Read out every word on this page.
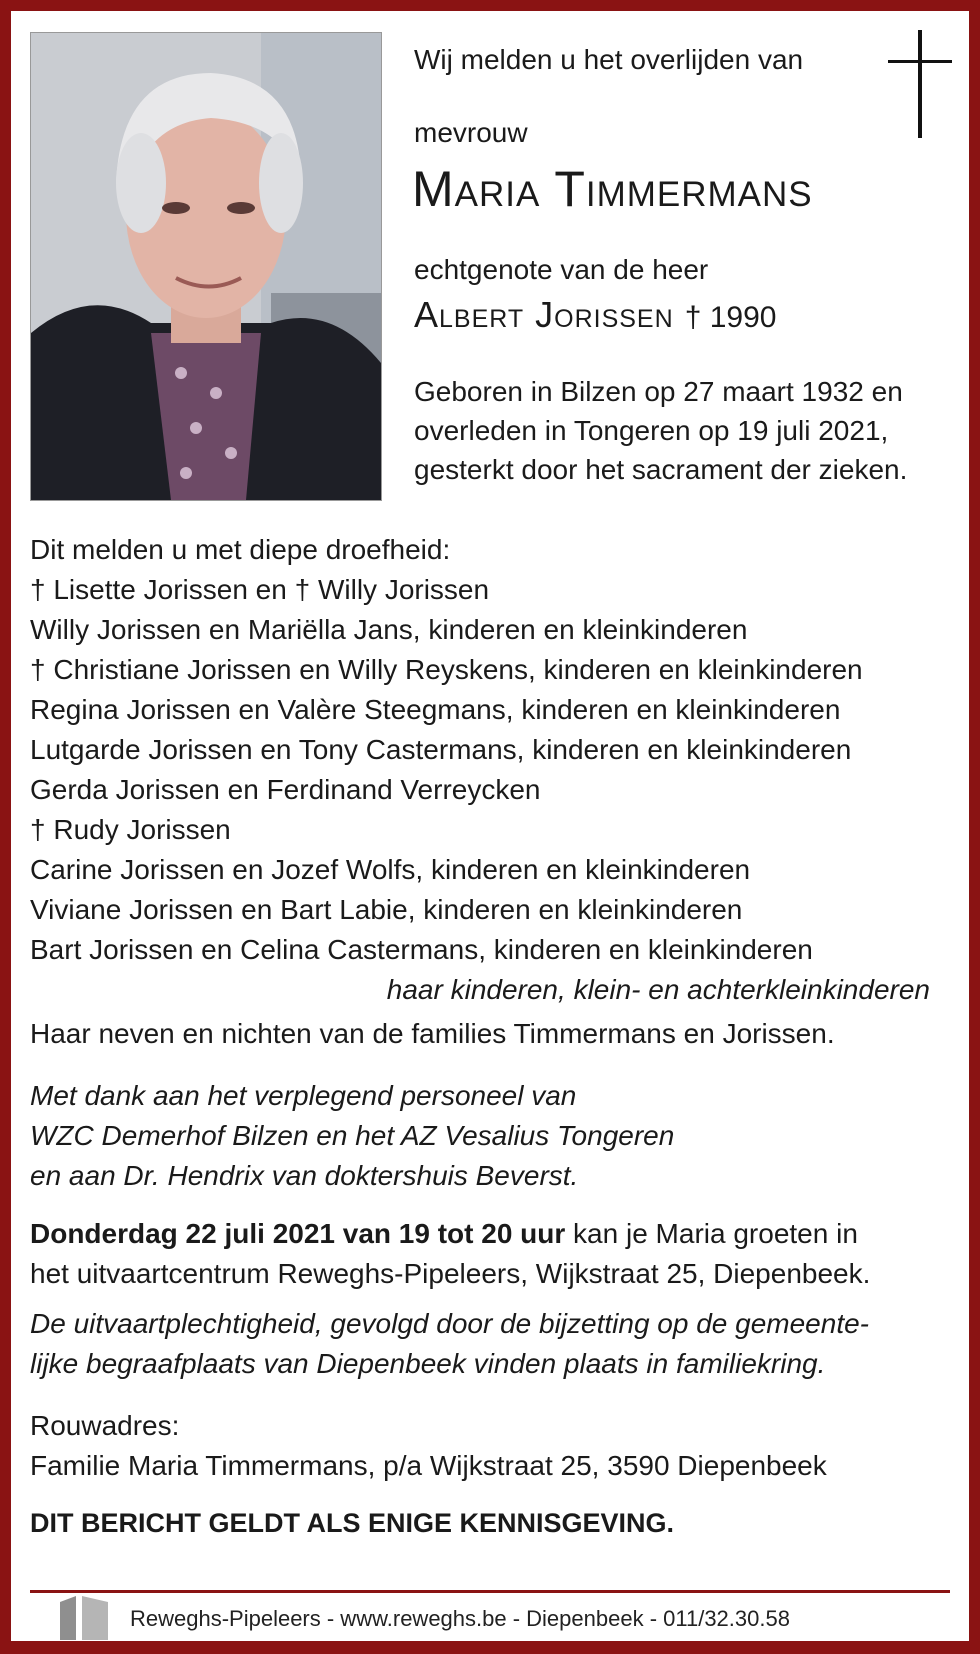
Wij melden u het overlijden van
mevrouw
Maria Timmermans
echtgenote van de heer
Albert Jorissen † 1990
Geboren in Bilzen op 27 maart 1932 en
overleden in Tongeren op 19 juli 2021,
gesterkt door het sacrament der zieken.
Dit melden u met diepe droefheid:
† Lisette Jorissen en † Willy Jorissen
Willy Jorissen en Mariëlla Jans, kinderen en kleinkinderen
† Christiane Jorissen en Willy Reyskens, kinderen en kleinkinderen
Regina Jorissen en Valère Steegmans, kinderen en kleinkinderen
Lutgarde Jorissen en Tony Castermans, kinderen en kleinkinderen
Gerda Jorissen en Ferdinand Verreycken
† Rudy Jorissen
Carine Jorissen en Jozef Wolfs, kinderen en kleinkinderen
Viviane Jorissen en Bart Labie, kinderen en kleinkinderen
Bart Jorissen en Celina Castermans, kinderen en kleinkinderen
haar kinderen, klein- en achterkleinkinderen
Haar neven en nichten van de families Timmermans en Jorissen.
Met dank aan het verplegend personeel van
WZC Demerhof Bilzen en het AZ Vesalius Tongeren
en aan Dr. Hendrix van doktershuis Beverst.
Donderdag 22 juli 2021 van 19 tot 20 uur kan je Maria groeten in
het uitvaartcentrum Reweghs-Pipeleers, Wijkstraat 25, Diepenbeek.
De uitvaartplechtigheid, gevolgd door de bijzetting op de gemeente-
lijke begraafplaats van Diepenbeek vinden plaats in familiekring.
Rouwadres:
Familie Maria Timmermans, p/a Wijkstraat 25, 3590 Diepenbeek
DIT BERICHT GELDT ALS ENIGE KENNISGEVING.
Reweghs-Pipeleers - www.reweghs.be - Diepenbeek - 011/32.30.58
